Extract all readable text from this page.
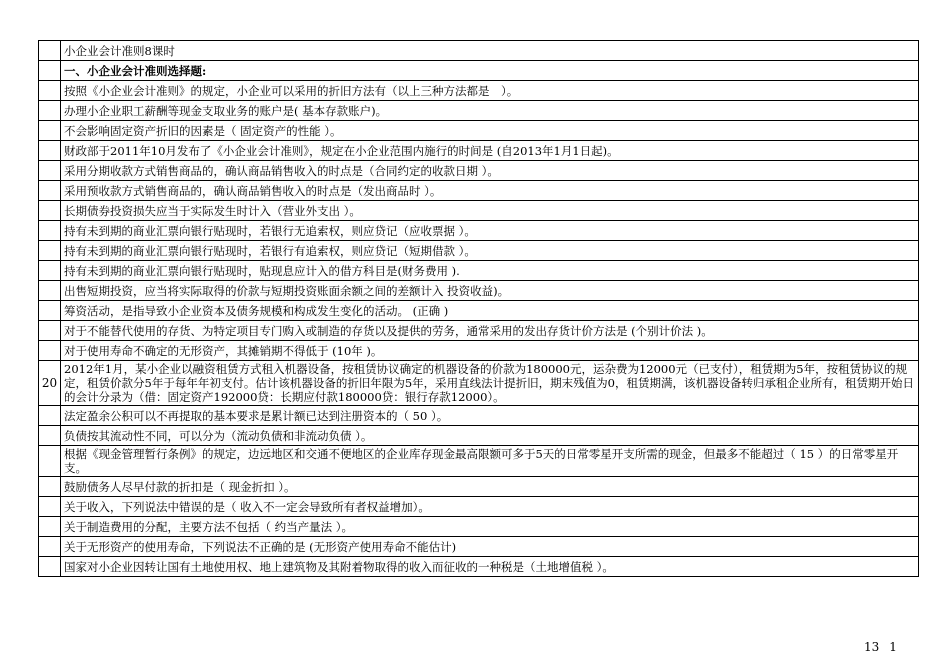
	小企业会计准则8课时
	一、小企业会计准则选择题:
	按照《小企业会计准则》的规定，小企业可以采用的折旧方法有（以上三种方法都是　）。
	办理小企业职工薪酬等现金支取业务的账户是( 基本存款账户)。
	不会影响固定资产折旧的因素是（ 固定资产的性能 ）。
	财政部于2011年10月发布了《小企业会计准则》，规定在小企业范围内施行的时间是 (自2013年1月1日起)。
	采用分期收款方式销售商品的，确认商品销售收入的时点是（合同约定的收款日期 ）。
	采用预收款方式销售商品的，确认商品销售收入的时点是（发出商品时 ）。
	长期债券投资损失应当于实际发生时计入（营业外支出 ）。
	持有未到期的商业汇票向银行贴现时，若银行无追索权，则应贷记（应收票据 ）。
	持有未到期的商业汇票向银行贴现时，若银行有追索权，则应贷记（短期借款 ）。
	持有未到期的商业汇票向银行贴现时，贴现息应计入的借方科目是(财务费用 ).
	出售短期投资，应当将实际取得的价款与短期投资账面余额之间的差额计入 投资收益)。
	筹资活动，是指导致小企业资本及债务规模和构成发生变化的活动。 (正确 )
	对于不能替代使用的存货、为特定项目专门购入或制造的存货以及提供的劳务，通常采用的发出存货计价方法是 (个别计价法 )。
	对于使用寿命不确定的无形资产，其摊销期不得低于 (10年 )。
20	2012年1月，某小企业以融资租赁方式租入机器设备，按租赁协议确定的机器设备的价款为180000元，运杂费为12000元（已支付），租赁期为5年，按租赁协议的规定，租赁价款分5年于每年年初支付。估计该机器设备的折旧年限为5年，采用直线法计提折旧，期末残值为0，租赁期满，该机器设备转归承租企业所有，租赁期开始日的会计分录为（借：固定资产192000贷：长期应付款180000贷：银行存款12000）。
	法定盈余公积可以不再提取的基本要求是累计额已达到注册资本的（ 50 ）。
	负债按其流动性不同，可以分为（流动负债和非流动负债 ）。
	根据《现金管理暂行条例》的规定，边远地区和交通不便地区的企业库存现金最高限额可多于5天的日常零星开支所需的现金，但最多不能超过（ 15 ）的日常零星开支。
	鼓励债务人尽早付款的折扣是（ 现金折扣 ）。
	关于收入，下列说法中错误的是（ 收入不一定会导致所有者权益增加）。
	关于制造费用的分配，主要方法不包括（ 约当产量法 ）。
	关于无形资产的使用寿命，下列说法不正确的是 (无形资产使用寿命不能估计)
	国家对小企业因转让国有土地使用权、地上建筑物及其附着物取得的收入而征收的一种税是（土地增值税 ）。
13 1
